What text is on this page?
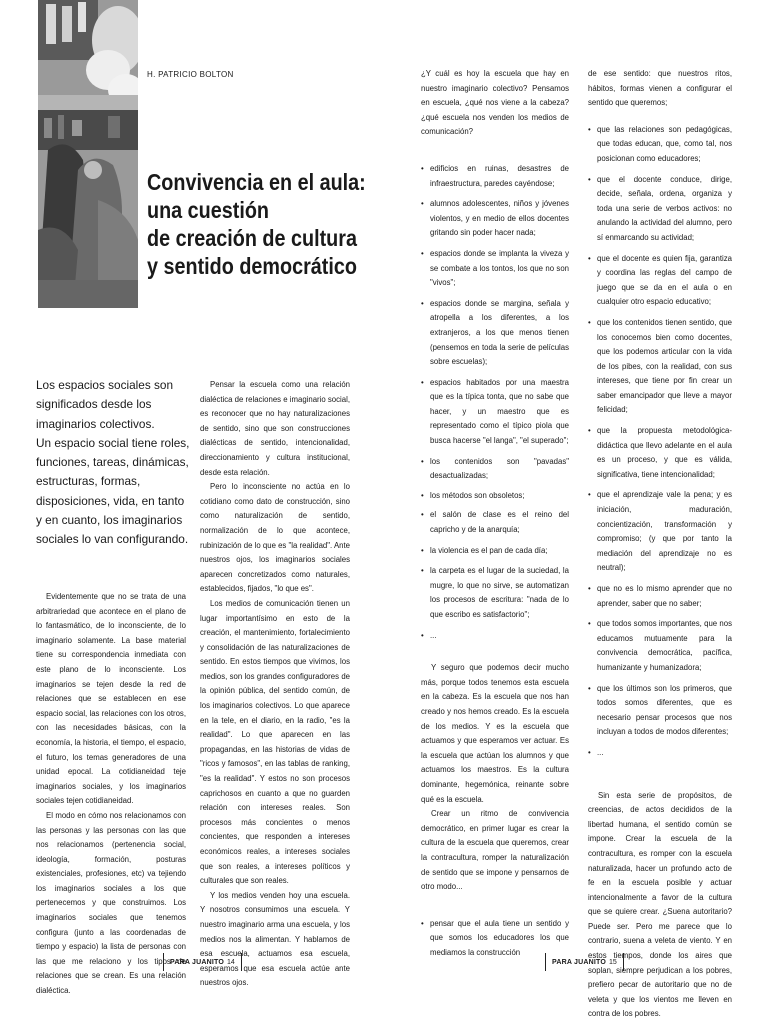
H. PATRICIO BOLTON
Convivencia en el aula:
una cuestión
de creación de cultura
y sentido democrático

Los espacios sociales son significados desde los imaginarios colectivos.

Un espacio social tiene roles, funciones, tareas, dinámicas, estructuras, formas, disposiciones, vida, en tanto y en cuanto, los imaginarios sociales lo van configurando.

Evidentemente que no se trata de una arbitrariedad que acontece en el plano de lo fantasmático, de lo inconsciente, de lo imaginario solamente. La base material tiene su correspondencia inmediata con este plano de lo inconsciente. Los imaginarios se tejen desde la red de relaciones que se establecen en ese espacio social, las relaciones con los otros, con las necesidades básicas, con la economía, la historia, el tiempo, el espacio, el futuro, los temas generadores de una unidad epocal. La cotidianeidad teje imaginarios sociales, y los imaginarios sociales tejen cotidianeidad.

El modo en cómo nos relacionamos con las personas y las personas con las que nos relacionamos (pertenencia social, ideología, formación, posturas existenciales, profesiones, etc) va tejiendo los imaginarios sociales a los que pertenecemos y que construimos. Los imaginarios sociales que tenemos configura (junto a las coordenadas de tiempo y espacio) la lista de personas con las que me relaciono y los tipos de relaciones que se crean. Es una relación dialéctica.

Pensar la escuela como una relación dialéctica de relaciones e imaginario social, es reconocer que no hay naturalizaciones de sentido, sino que son construcciones dialécticas de sentido, intencionalidad, direccionamiento y cultura institucional, desde esta relación.

Pero lo inconsciente no actúa en lo cotidiano como dato de construcción, sino como naturalización de sentido, normalización de lo que acontece, rubinización de lo que es "la realidad". Ante nuestros ojos, los imaginarios sociales aparecen concretizados como naturales, establecidos, fijados, "lo que es".

Los medios de comunicación tienen un lugar importantísimo en esto de la creación, el mantenimiento, fortalecimiento y consolidación de las naturalizaciones de sentido. En estos tiempos que vivimos, los medios, son los grandes configuradores de la opinión pública, del sentido común, de los imaginarios colectivos. Lo que aparece en la tele, en el diario, en la radio, "es la realidad". Lo que aparecen en las propagandas, en las historias de vidas de "ricos y famosos", en las tablas de ranking, "es la realidad". Y estos no son procesos caprichosos en cuanto a que no guarden relación con intereses reales. Son procesos más concientes o menos concientes, que responden a intereses económicos reales, a intereses sociales que son reales, a intereses políticos y culturales que son reales.

Y los medios venden hoy una escuela. Y nosotros consumimos una escuela. Y nuestro imaginario arma una escuela, y los medios nos la alimentan. Y hablamos de esa escuela, actuamos esa escuela, esperamos que esa escuela actúe ante nuestros ojos.

¿Y cuál es hoy la escuela que hay en nuestro imaginario colectivo? Pensamos en escuela, ¿qué nos viene a la cabeza? ¿qué escuela nos venden los medios de comunicación?

• edificios en ruinas, desastres de infraestructura, paredes cayéndose;
• alumnos adolescentes, niños y jóvenes violentos, y en medio de ellos docentes gritando sin poder hacer nada;
• espacios donde se implanta la viveza y se combate a los tontos, los que no son "vivos";
• espacios donde se margina, señala y atropella a los diferentes, a los extranjeros, a los que menos tienen (pensemos en toda la serie de películas sobre escuelas);
• espacios habitados por una maestra que es la típica tonta, que no sabe que hacer, y un maestro que es representado como el típico piola que busca hacerse "el langa", "el superado";
• los contenidos son "pavadas" desactualizadas;
• los métodos son obsoletos;
• el salón de clase es el reino del capricho y de la anarquía;
• la violencia es el pan de cada día;
• la carpeta es el lugar de la suciedad, la mugre, lo que no sirve, se automatizan los procesos de escritura: "nada de lo que escribo es satisfactorio";
• ...

Y seguro que podemos decir mucho más, porque todos tenemos esta escuela en la cabeza. Es la escuela que nos han creado y nos hemos creado. Es la escuela de los medios. Y es la escuela que actuamos y que esperamos ver actuar. Es la escuela que actúan los alumnos y que actuamos los maestros. Es la cultura dominante, hegemónica, reinante sobre qué es la escuela.

Crear un ritmo de convivencia democrático, en primer lugar es crear la cultura de la escuela que queremos, crear la contracultura, romper la naturalización de sentido que se impone y pensarnos de otro modo...

• pensar que el aula tiene un sentido y que somos los educadores los que mediamos la construcción

de ese sentido: que nuestros ritos, hábitos, formas vienen a configurar el sentido que queremos;

• que las relaciones son pedagógicas, que todas educan, que, como tal, nos posicionan como educadores;
• que el docente conduce, dirige, decide, señala, ordena, organiza y toda una serie de verbos activos: no anulando la actividad del alumno, pero sí enmarcando su actividad;
• que el docente es quien fija, garantiza y coordina las reglas del campo de juego que se da en el aula o en cualquier otro espacio educativo;
• que los contenidos tienen sentido, que los conocemos bien como docentes, que los podemos articular con la vida de los pibes, con la realidad, con sus intereses, que tiene por fin crear un saber emancipador que lleve a mayor felicidad;
• que la propuesta metodológica-didáctica que llevo adelante en el aula es un proceso, y que es válida, significativa, tiene intencionalidad;
• que el aprendizaje vale la pena; y es iniciación, maduración, concientización, transformación y compromiso; (y que por tanto la mediación del aprendizaje no es neutral);
• que no es lo mismo aprender que no aprender, saber que no saber;
• que todos somos importantes, que nos educamos mutuamente para la convivencia democrática, pacífica, humanizante y humanizadora;
• que los últimos son los primeros, que todos somos diferentes, que es necesario pensar procesos que nos incluyan a todos de modos diferentes;
• ...

Sin esta serie de propósitos, de creencias, de actos decididos de la libertad humana, el sentido común se impone. Crear la escuela de la contracultura, es romper con la escuela naturalizada, hacer un profundo acto de fe en la escuela posible y actuar intencionalmente a favor de la cultura que se quiere crear. ¿Suena autoritario? Puede ser. Pero me parece que lo contrario, suena a veleta de viento. Y en estos tiempos, donde los aires que soplan, siempre perjudican a los pobres, prefiero pecar de autoritario que no de veleta y que los vientos me lleven en contra de los pobres.

PARA JUANITO 14	PARA JUANITO 15
